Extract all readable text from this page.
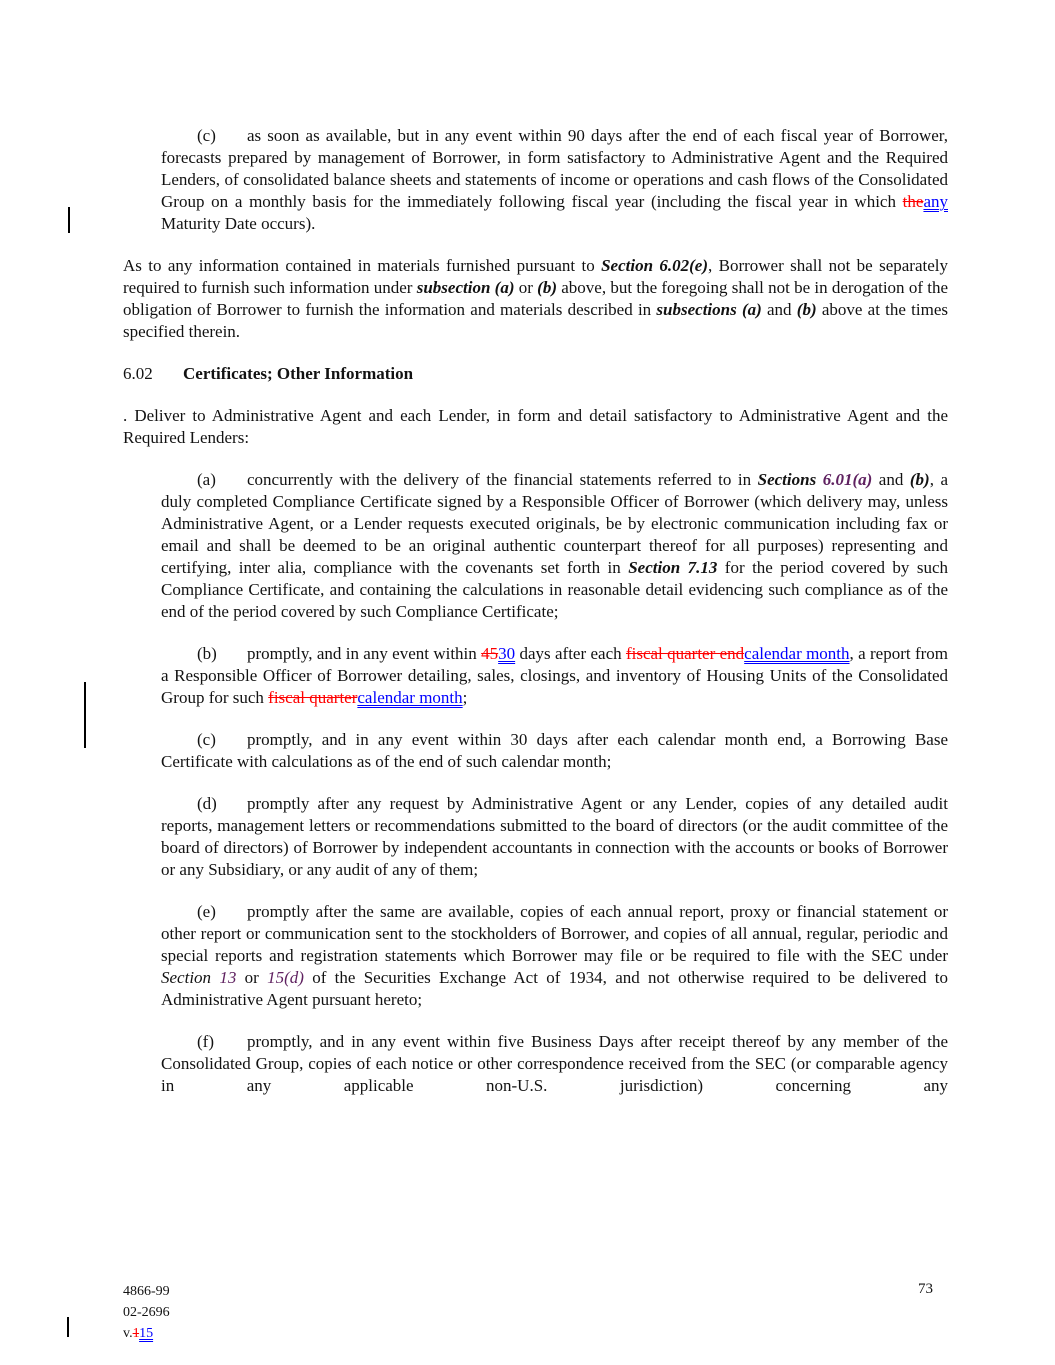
(c) as soon as available, but in any event within 90 days after the end of each fiscal year of Borrower, forecasts prepared by management of Borrower, in form satisfactory to Administrative Agent and the Required Lenders, of consolidated balance sheets and statements of income or operations and cash flows of the Consolidated Group on a monthly basis for the immediately following fiscal year (including the fiscal year in which theany Maturity Date occurs).

As to any information contained in materials furnished pursuant to Section 6.02(e), Borrower shall not be separately required to furnish such information under subsection (a) or (b) above, but the foregoing shall not be in derogation of the obligation of Borrower to furnish the information and materials described in subsections (a) and (b) above at the times specified therein.

6.02 Certificates; Other Information

. Deliver to Administrative Agent and each Lender, in form and detail satisfactory to Administrative Agent and the Required Lenders:

(a) concurrently with the delivery of the financial statements referred to in Sections 6.01(a) and (b), a duly completed Compliance Certificate signed by a Responsible Officer of Borrower (which delivery may, unless Administrative Agent, or a Lender requests executed originals, be by electronic communication including fax or email and shall be deemed to be an original authentic counterpart thereof for all purposes) representing and certifying, inter alia, compliance with the covenants set forth in Section 7.13 for the period covered by such Compliance Certificate, and containing the calculations in reasonable detail evidencing such compliance as of the end of the period covered by such Compliance Certificate;

(b) promptly, and in any event within 4530 days after each fiscal quarter endcalendar month, a report from a Responsible Officer of Borrower detailing, sales, closings, and inventory of Housing Units of the Consolidated Group for such fiscal quartercalendar month;

(c) promptly, and in any event within 30 days after each calendar month end, a Borrowing Base Certificate with calculations as of the end of such calendar month;

(d) promptly after any request by Administrative Agent or any Lender, copies of any detailed audit reports, management letters or recommendations submitted to the board of directors (or the audit committee of the board of directors) of Borrower by independent accountants in connection with the accounts or books of Borrower or any Subsidiary, or any audit of any of them;

(e) promptly after the same are available, copies of each annual report, proxy or financial statement or other report or communication sent to the stockholders of Borrower, and copies of all annual, regular, periodic and special reports and registration statements which Borrower may file or be required to file with the SEC under Section 13 or 15(d) of the Securities Exchange Act of 1934, and not otherwise required to be delivered to Administrative Agent pursuant hereto;

(f) promptly, and in any event within five Business Days after receipt thereof by any member of the Consolidated Group, copies of each notice or other correspondence received from the SEC (or comparable agency in any applicable non-U.S. jurisdiction) concerning any

4866-99
02-2696
v.115
73
